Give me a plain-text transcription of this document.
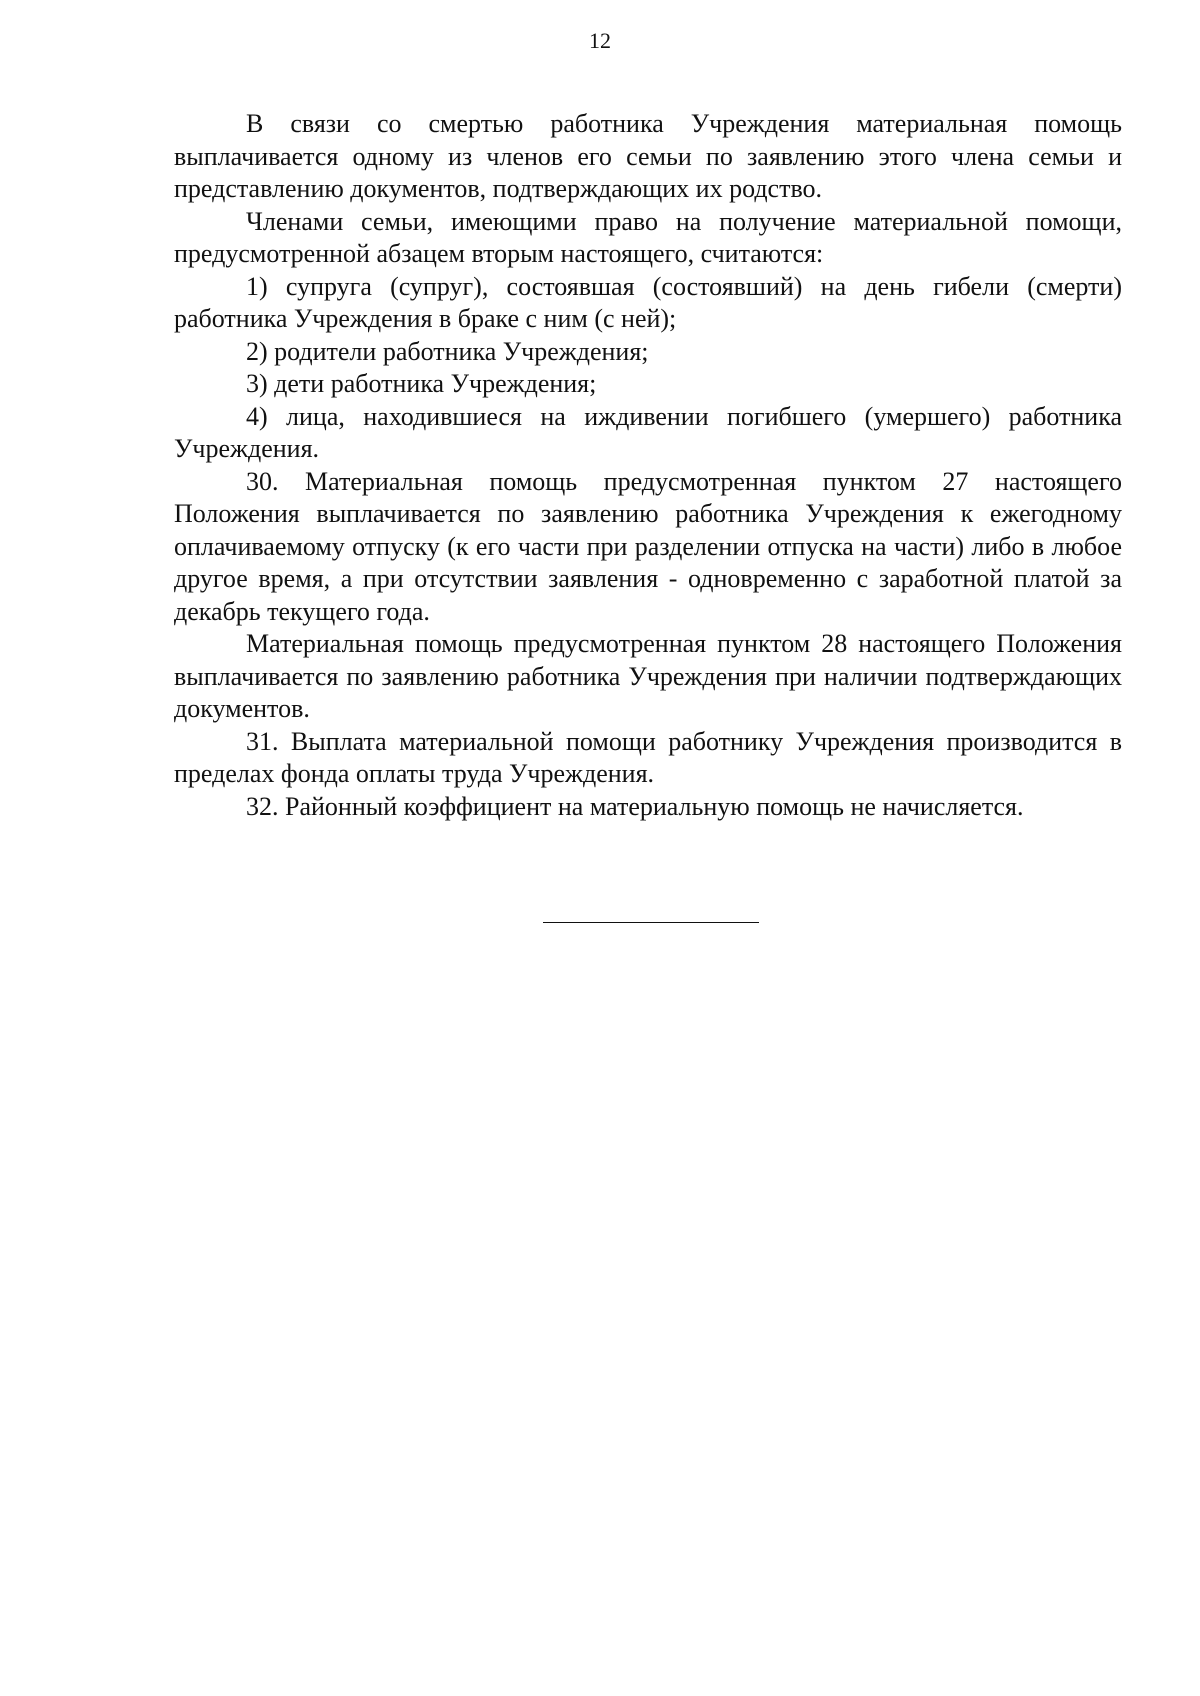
12

В связи со смертью работника Учреждения материальная помощь выплачивается одному из членов его семьи по заявлению этого члена семьи и представлению документов, подтверждающих их родство.

Членами семьи, имеющими право на получение материальной помощи, предусмотренной абзацем вторым настоящего, считаются:

1) супруга (супруг), состоявшая (состоявший) на день гибели (смерти) работника Учреждения в браке с ним (с ней);

2) родители работника Учреждения;

3) дети работника Учреждения;

4) лица, находившиеся на иждивении погибшего (умершего) работника Учреждения.

30. Материальная помощь предусмотренная пунктом 27 настоящего Положения выплачивается по заявлению работника Учреждения к ежегодному оплачиваемому отпуску (к его части при разделении отпуска на части) либо в любое другое время, а при отсутствии заявления - одновременно с заработной платой за декабрь текущего года.

Материальная помощь предусмотренная пунктом 28 настоящего Положения выплачивается по заявлению работника Учреждения при наличии подтверждающих документов.

31. Выплата материальной помощи работнику Учреждения производится в пределах фонда оплаты труда Учреждения.

32. Районный коэффициент на материальную помощь не начисляется.
